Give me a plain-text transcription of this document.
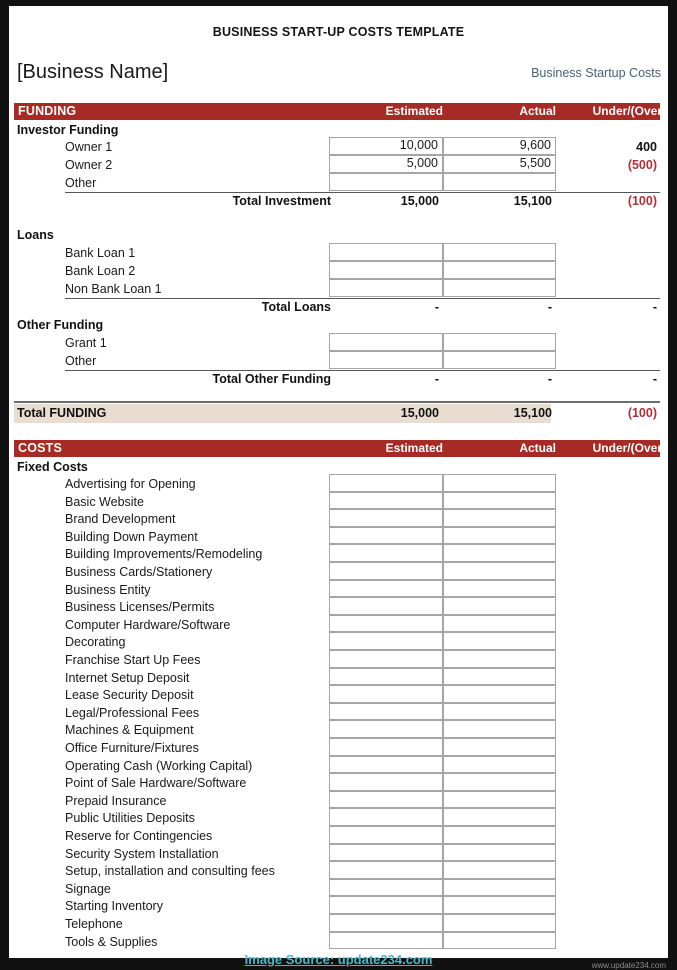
BUSINESS START-UP COSTS TEMPLATE
[Business Name]	Business Startup Costs
FUNDING	Estimated	Actual	Under/(Over)
Investor Funding
Owner 1	10,000	9,600	400
Owner 2	5,000	5,500	(500)
Other
Total Investment	15,000	15,100	(100)
Loans
Bank Loan 1
Bank Loan 2
Non Bank Loan 1
Total Loans	-	-	-
Other Funding
Grant 1
Other
Total Other Funding	-	-	-
Total FUNDING	15,000	15,100	(100)
COSTS	Estimated	Actual	Under/(Over)
Fixed Costs
Advertising for Opening
Basic Website
Brand Development
Building Down Payment
Building Improvements/Remodeling
Business Cards/Stationery
Business Entity
Business Licenses/Permits
Computer Hardware/Software
Decorating
Franchise Start Up Fees
Internet Setup Deposit
Lease Security Deposit
Legal/Professional Fees
Machines & Equipment
Office Furniture/Fixtures
Operating Cash (Working Capital)
Point of Sale Hardware/Software
Prepaid Insurance
Public Utilities Deposits
Reserve for Contingencies
Security System Installation
Setup, installation and consulting fees
Signage
Starting Inventory
Telephone
Tools & Supplies
Image Source: update234.com	www.update234.com
